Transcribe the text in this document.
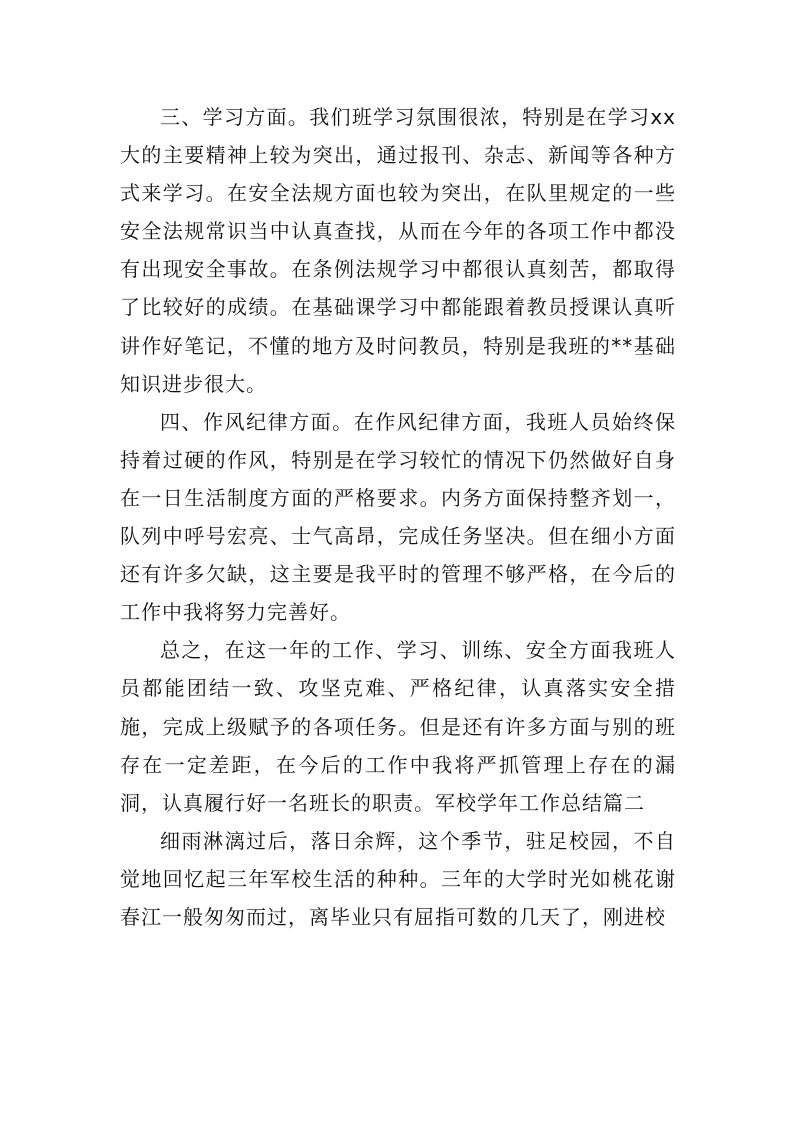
三、学习方面。我们班学习氛围很浓，特别是在学习xx大的主要精神上较为突出，通过报刊、杂志、新闻等各种方式来学习。在安全法规方面也较为突出，在队里规定的一些安全法规常识当中认真查找，从而在今年的各项工作中都没有出现安全事故。在条例法规学习中都很认真刻苦，都取得了比较好的成绩。在基础课学习中都能跟着教员授课认真听讲作好笔记，不懂的地方及时问教员，特别是我班的**基础知识进步很大。

四、作风纪律方面。在作风纪律方面，我班人员始终保持着过硬的作风，特别是在学习较忙的情况下仍然做好自身在一日生活制度方面的严格要求。内务方面保持整齐划一，队列中呼号宏亮、士气高昂，完成任务坚决。但在细小方面还有许多欠缺，这主要是我平时的管理不够严格，在今后的工作中我将努力完善好。

总之，在这一年的工作、学习、训练、安全方面我班人员都能团结一致、攻坚克难、严格纪律，认真落实安全措施，完成上级赋予的各项任务。但是还有许多方面与别的班存在一定差距，在今后的工作中我将严抓管理上存在的漏洞，认真履行好一名班长的职责。军校学年工作总结篇二

细雨淋漓过后，落日余辉，这个季节，驻足校园，不自觉地回忆起三年军校生活的种种。三年的大学时光如桃花谢春江一般匆匆而过，离毕业只有屈指可数的几天了，刚进校
